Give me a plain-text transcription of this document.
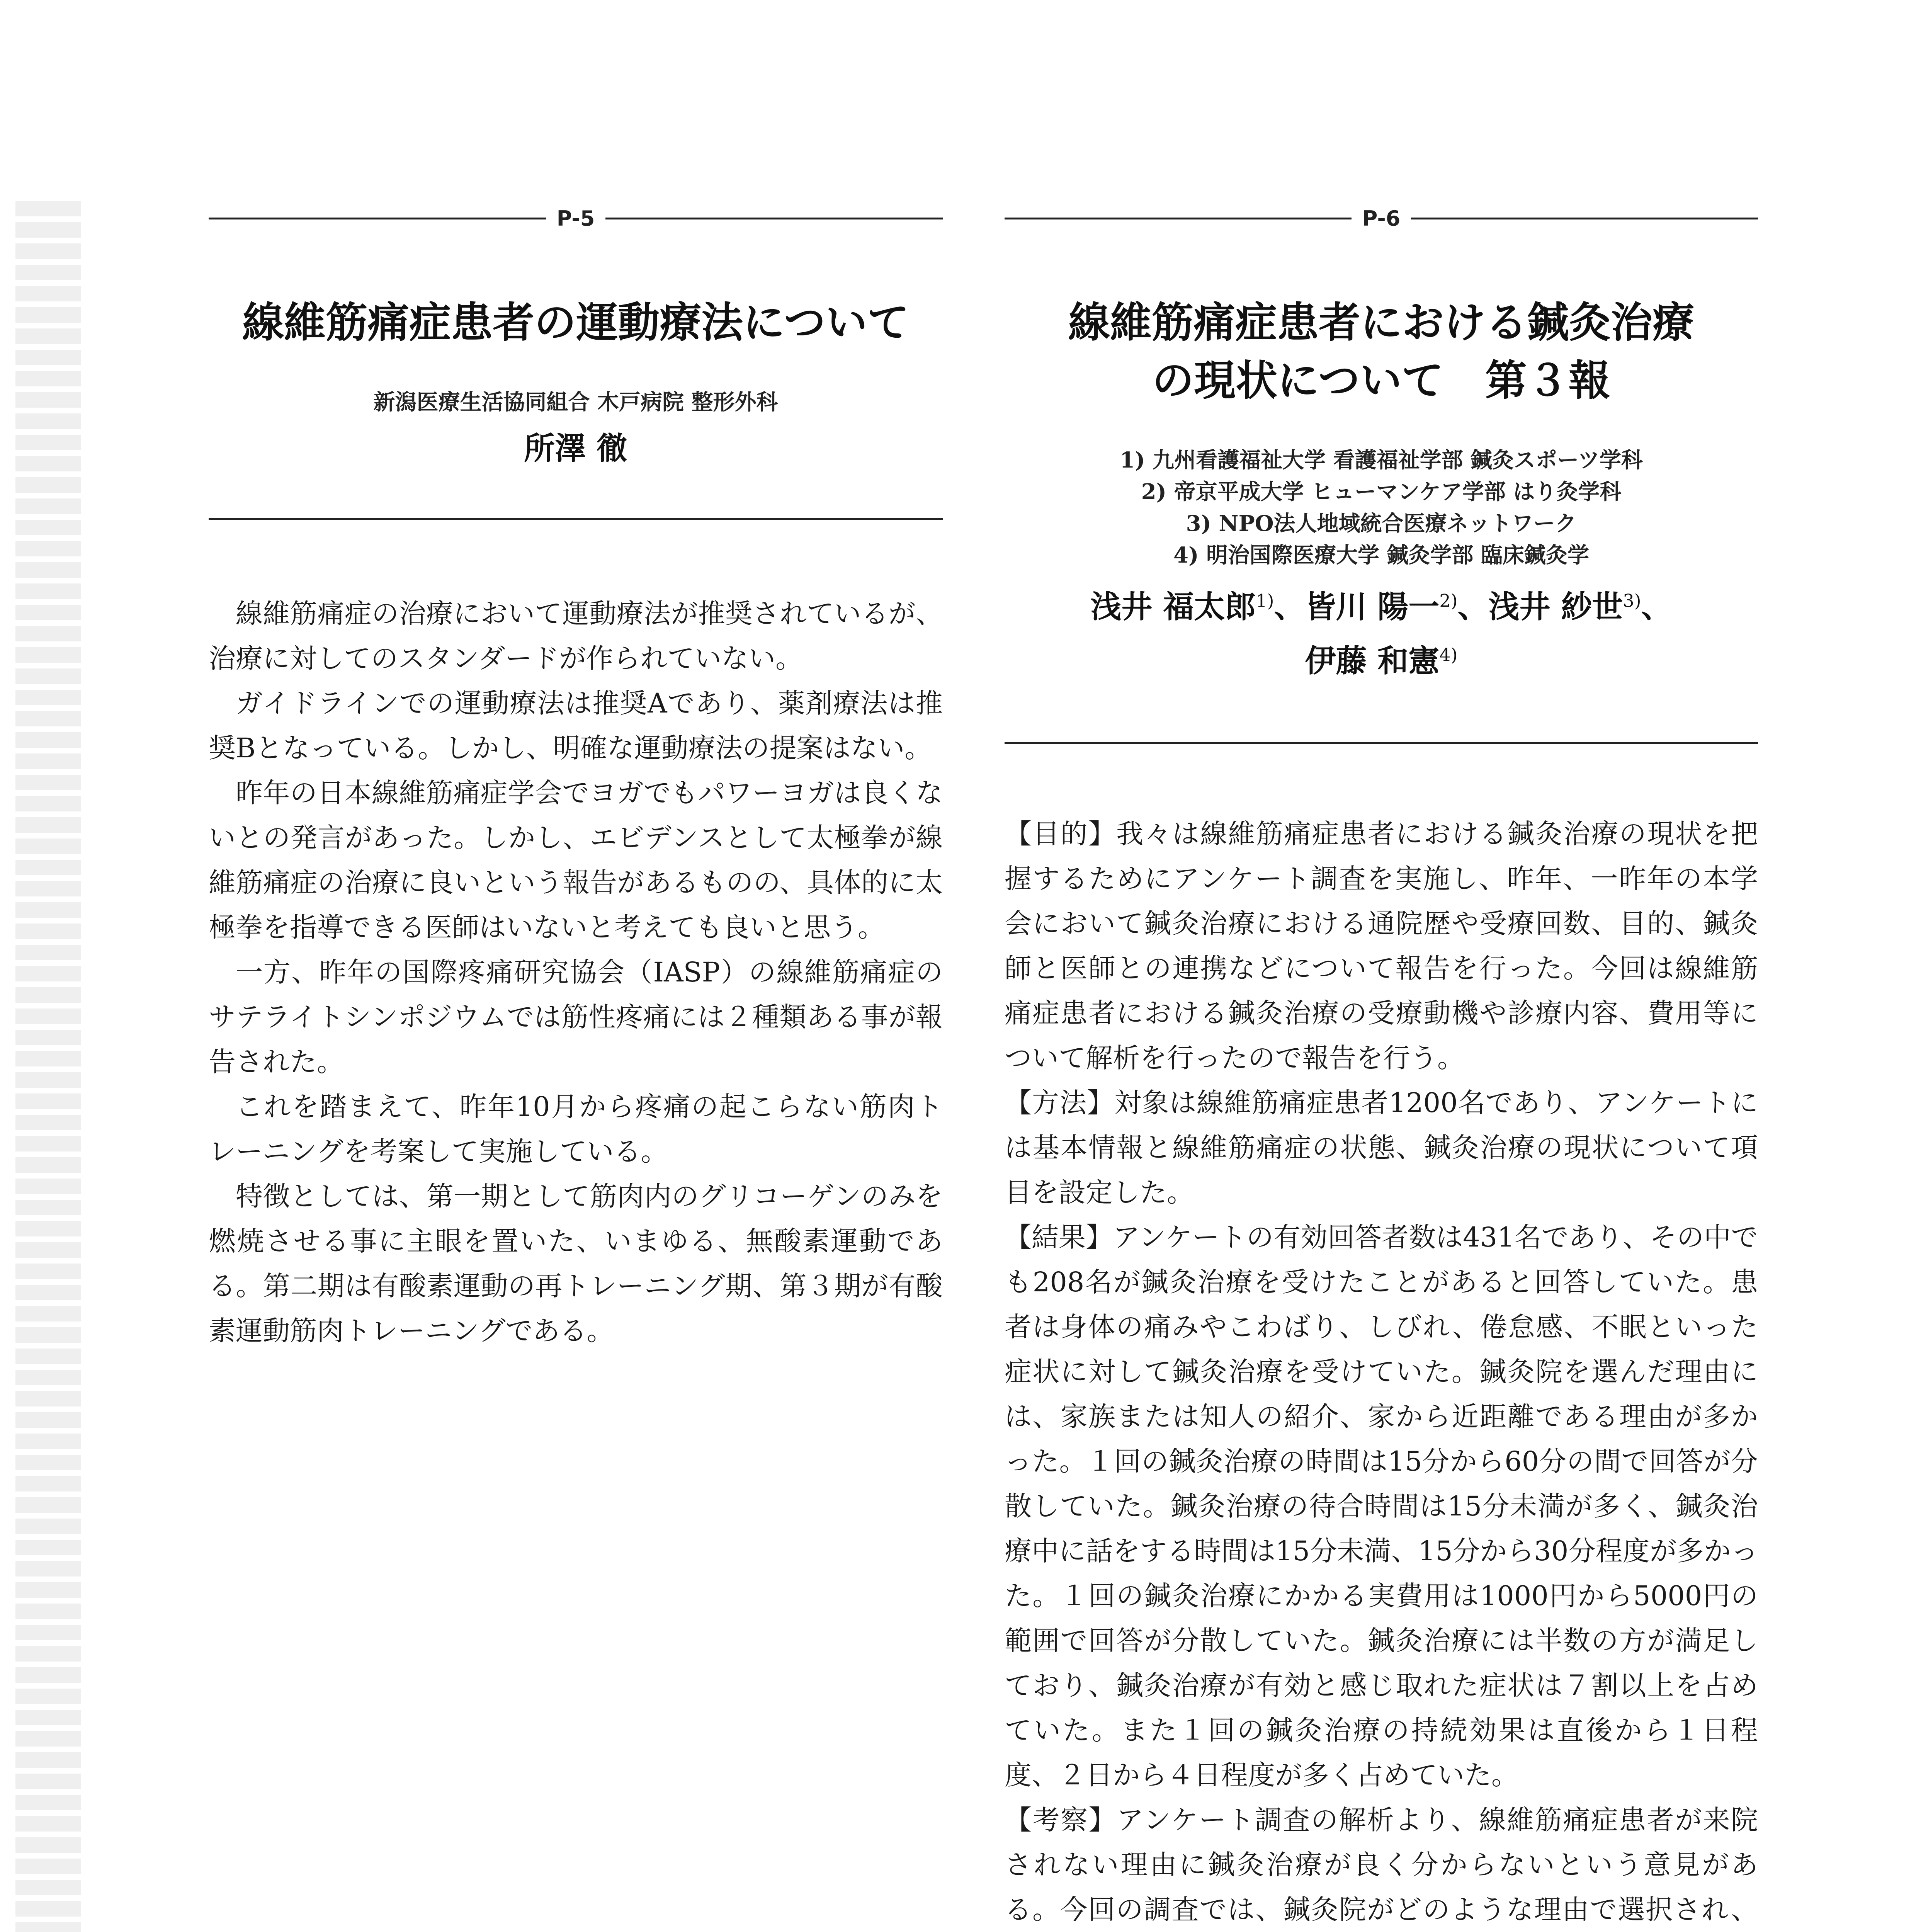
P-5
線維筋痛症患者の運動療法について
新潟医療生活協同組合 木戸病院 整形外科
所澤 徹

線維筋痛症の治療において運動療法が推奨されているが、治療に対してのスタンダードが作られていない。

ガイドラインでの運動療法は推奨Aであり、薬剤療法は推奨Bとなっている。しかし、明確な運動療法の提案はない。

昨年の日本線維筋痛症学会でヨガでもパワーヨガは良くないとの発言があった。しかし、エビデンスとして太極拳が線維筋痛症の治療に良いという報告があるものの、具体的に太極拳を指導できる医師はいないと考えても良いと思う。

一方、昨年の国際疼痛研究協会（IASP）の線維筋痛症のサテライトシンポジウムでは筋性疼痛には２種類ある事が報告された。

これを踏まえて、昨年10月から疼痛の起こらない筋肉トレーニングを考案して実施している。

特徴としては、第一期として筋肉内のグリコーゲンのみを燃焼させる事に主眼を置いた、いまゆる、無酸素運動である。第二期は有酸素運動の再トレーニング期、第３期が有酸素運動筋肉トレーニングである。

P-6
線維筋痛症患者における鍼灸治療
の現状について　第３報
1) 九州看護福祉大学 看護福祉学部 鍼灸スポーツ学科
2) 帝京平成大学 ヒューマンケア学部 はり灸学科
3) NPO法人地域統合医療ネットワーク
4) 明治国際医療大学 鍼灸学部 臨床鍼灸学
浅井 福太郎$^{1)}$、皆川 陽一$^{2)}$、浅井 紗世$^{3)}$、
伊藤 和憲$^{4)}$

【目的】我々は線維筋痛症患者における鍼灸治療の現状を把握するためにアンケート調査を実施し、昨年、一昨年の本学会において鍼灸治療における通院歴や受療回数、目的、鍼灸師と医師との連携などについて報告を行った。今回は線維筋痛症患者における鍼灸治療の受療動機や診療内容、費用等について解析を行ったので報告を行う。

【方法】対象は線維筋痛症患者1200名であり、アンケートには基本情報と線維筋痛症の状態、鍼灸治療の現状について項目を設定した。

【結果】アンケートの有効回答者数は431名であり、その中でも208名が鍼灸治療を受けたことがあると回答していた。患者は身体の痛みやこわばり、しびれ、倦怠感、不眠といった症状に対して鍼灸治療を受けていた。鍼灸院を選んだ理由には、家族または知人の紹介、家から近距離である理由が多かった。１回の鍼灸治療の時間は15分から60分の間で回答が分散していた。鍼灸治療の待合時間は15分未満が多く、鍼灸治療中に話をする時間は15分未満、15分から30分程度が多かった。１回の鍼灸治療にかかる実費用は1000円から5000円の範囲で回答が分散していた。鍼灸治療には半数の方が満足しており、鍼灸治療が有効と感じ取れた症状は７割以上を占めていた。また１回の鍼灸治療の持続効果は直後から１日程度、２日から４日程度が多く占めていた。

【考察】アンケート調査の解析より、線維筋痛症患者が来院されない理由に鍼灸治療が良く分からないという意見がある。今回の調査では、鍼灸院がどのような理由で選択され、
